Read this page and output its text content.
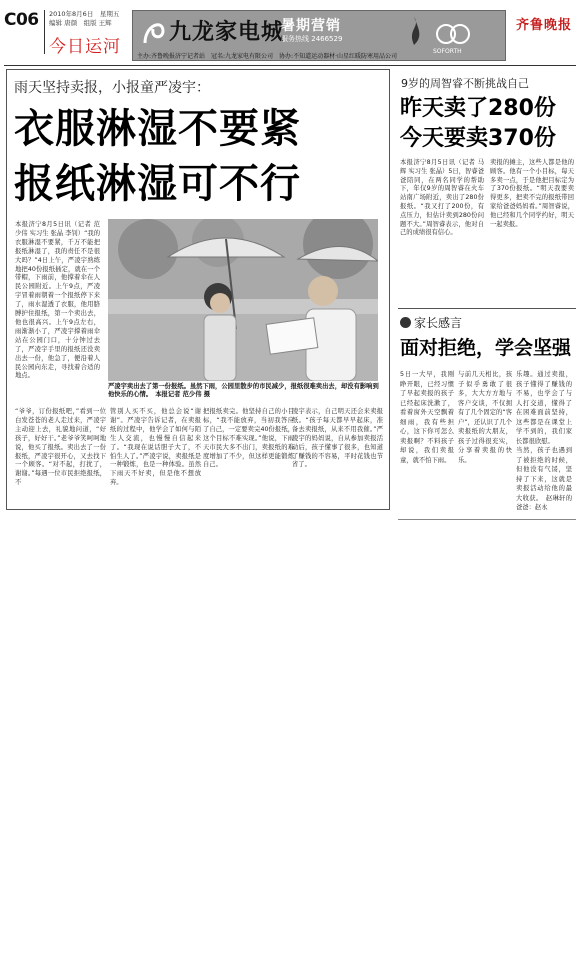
C06 2010年8月6日　星期五
编辑 唐颜　组版 王辉
今日运河
九龙家电城
暑期营销
服务热线 2466529
SOFORTH
主办:齐鲁晚报济宁记者站　冠名:九龙家电有限公司　协办:不知道运动器材·山星红暖防寒用品公司
齐鲁晚报
雨天坚持卖报，小报童严凌宇：
衣服淋湿不要紧
报纸淋湿可不行
本报济宁8月5日讯（记者 范少伟 实习生 张晶 李钊）“我的衣服淋湿不要紧，千万不能把报纸淋湿了，我的责任不是很大吗？”4日上午，严凌宇熟练地把40份报纸插定，就在一个带帽，下雨前，他撑着伞在人民公园附近。上午9点，严凌宇冒着雨朝着一个报纸停下来了，雨水湿透了衣服，他用胳膊护住报纸，第一个卖出去，他也很高兴。上午9点左右，雨渐渐小了，严凌宇撑着雨伞站在公园门口，十分钟过去了，严凌宇手里的报纸还没卖出去一份，他急了，便沿着人民公园向东走，寻找着合适的地点。
严凌宇卖出去了第一份报纸。虽然下雨，公园里散步的市民减少，报纸很难卖出去，却没有影响到他快乐的心情。　本报记者 范少伟 摄
“爷爷，订份报纸吧，”看到一位白发苍苍的老人走过来，严凌宇主动迎上去，礼貌地问道，“好孩子，好好干。”老爷爷笑呵呵地说，他买了报纸。卖出去了一份报纸，严凌宇很开心，又去找下一个顾客。“对不起，打扰了，谢谢。”每遇一位市民拒绝报纸，不
管别人买不买，他总会说“谢谢”。严凌宇告诉记者，在卖报纸的过程中，他学会了如何与陌生人交流，也慢慢自信起来了。“我现在说话胆子大了，不怕生人了。”严凌宇说，卖报纸是一种锻炼，也是一种体验。虽然下雨天不好卖，但是他不想放弃。
把报纸卖完。他坚持自己的小目标，“我不能放弃，当初我答应了自己，一定要卖完40份报纸，这个目标不难实现。”他说，下雨天市民大多不出门，卖报纸的难度增加了不少，但这样更能锻炼自己。
凌宇表示，自己明天还会来卖报纸。“孩子每天都早早起床，准备去卖报纸，从来不用我催。”严凌宇的妈妈说，自从参加卖报活动后，孩子懂事了很多，也知道了赚钱的不容易，平时花钱也节省了。
9岁的周智睿不断挑战自己
昨天卖了280份
今天要卖370份
本报济宁8月5日讯（记者 马辉 实习生 张晶）5日，智睿爸爸陪同，在两名同学的帮助下，年仅9岁的周智睿在火车站南广场附近，卖出了280份报纸。“我又打了200份，有点压力，但估计卖到280份问题不大。”周智睿表示，他对自己的成绩很有信心。
卖报的摊主，这些人都是他的顾客。他有一个小目标，每天多卖一点，于是他把目标定为了370份报纸。“明天我要卖得更多，把卖不完的报纸带回家给爸爸妈妈看。”周智睿说，他已经和几个同学约好，明天一起卖报。
家长感言
面对拒绝，学会坚强
5日一大早，我刚睁开眼，已经习惯了早起卖报的孩子已经起床洗漱了，看着窗外天空飘着细雨，我有些担心，这下你可怎么卖报啊？不料孩子却说，我们卖报童，就不怕下雨。
与前几天相比，孩子似乎勇敢了很多，大大方方地与客户交谈，不仅拥有了几个固定的“客户”，还认识了几个卖报纸的大朋友，孩子过得很充实，分享着卖报的快乐。
乐趣。通过卖报，孩子懂得了赚钱的不易，也学会了与人打交道，懂得了在困难面前坚持，这些都是在课堂上学不到的，我们家长都很欣慰。
当然，孩子也遇到了被拒绝的时候，但他没有气馁，坚持了下来，这就是卖报活动给他的最大收获。　赵琳轩的爸爸：赵永
